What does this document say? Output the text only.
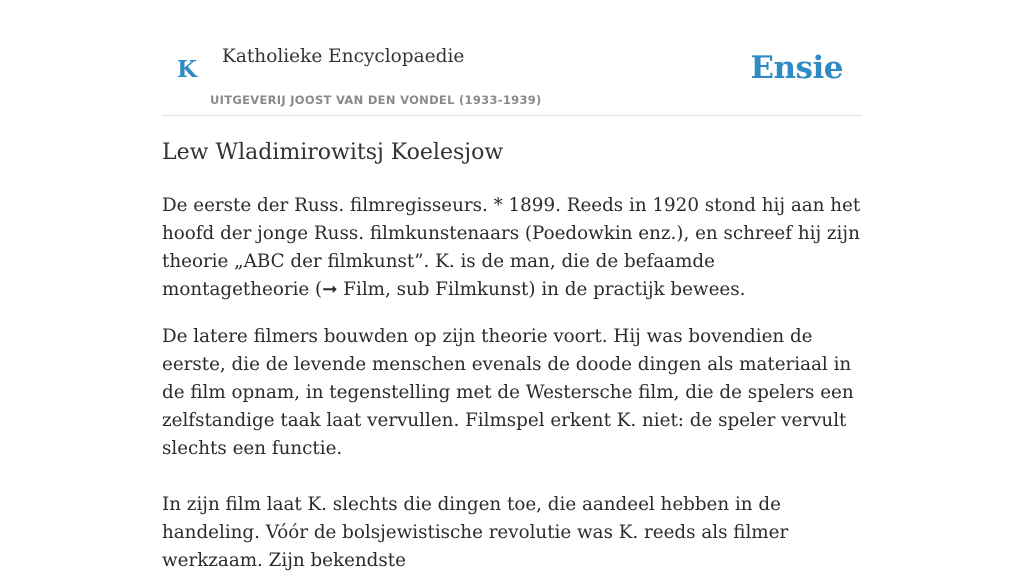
K Katholieke Encyclopaedie
UITGEVERIJ JOOST VAN DEN VONDEL (1933-1939)
Ensie
Lew Wladimirowitsj Koelesjow

De eerste der Russ. filmregisseurs. * 1899. Reeds in 1920 stond hij aan het hoofd der jonge Russ. filmkunstenaars (Poedowkin enz.), en schreef hij zijn theorie „ABC der filmkunst”. K. is de man, die de befaamde montagetheorie (➞ Film, sub Filmkunst) in de practijk bewees.

De latere filmers bouwden op zijn theorie voort. Hij was bovendien de eerste, die de levende menschen evenals de doode dingen als materiaal in de film opnam, in tegenstelling met de Westersche film, die de spelers een zelfstandige taak laat vervullen. Filmspel erkent K. niet: de speler vervult slechts een functie.

In zijn film laat K. slechts die dingen toe, die aandeel hebben in de handeling. Vóór de bolsjewistische revolutie was K. reeds als filmer werkzaam. Zijn bekendste
